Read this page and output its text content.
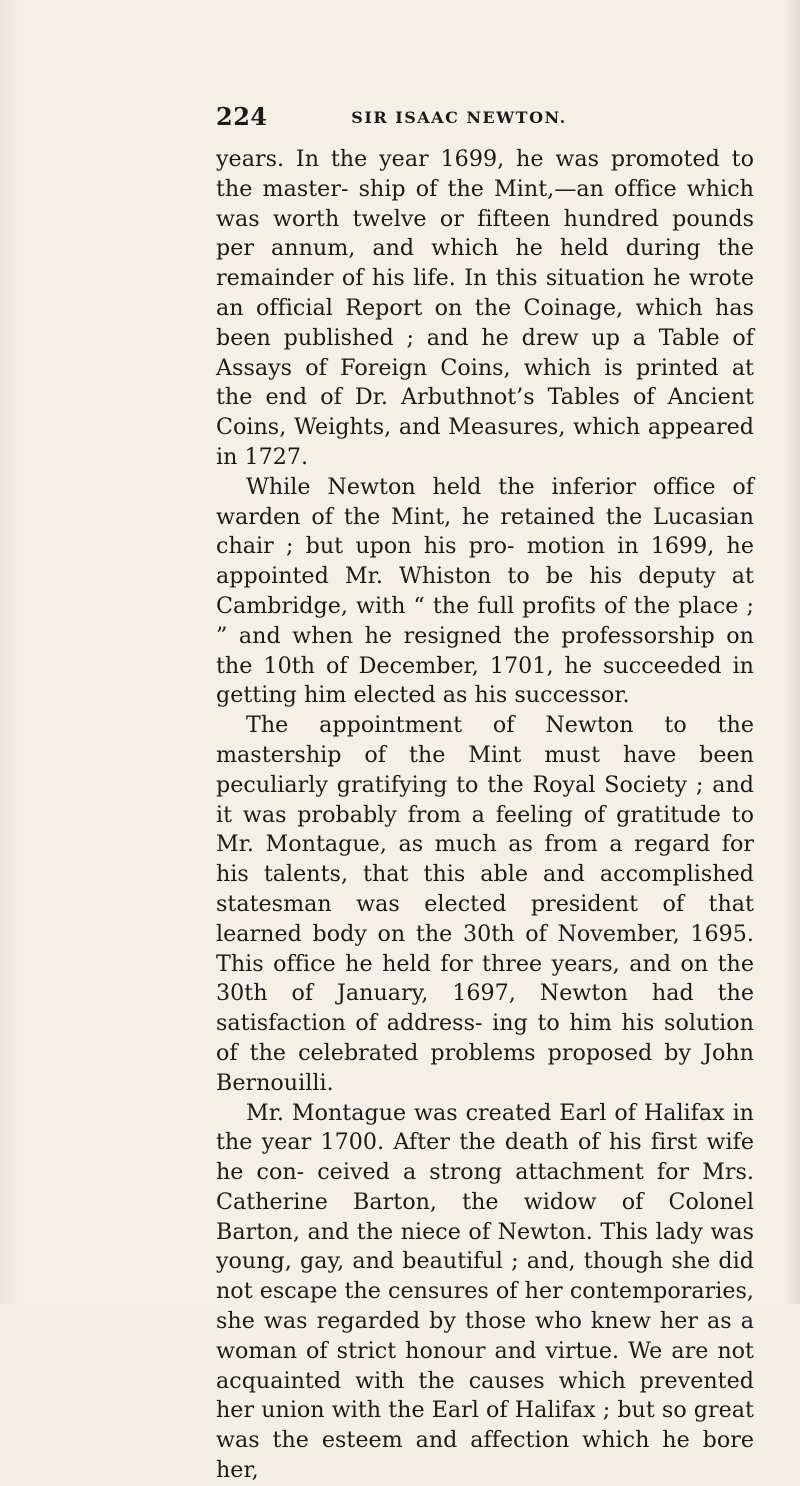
224	SIR ISAAC NEWTON.

years. In the year 1699, he was promoted to the master- ship of the Mint,—an office which was worth twelve or fifteen hundred pounds per annum, and which he held during the remainder of his life. In this situation he wrote an official Report on the Coinage, which has been published ; and he drew up a Table of Assays of Foreign Coins, which is printed at the end of Dr. Arbuthnot’s Tables of Ancient Coins, Weights, and Measures, which appeared in 1727.

While Newton held the inferior office of warden of the Mint, he retained the Lucasian chair ; but upon his pro- motion in 1699, he appointed Mr. Whiston to be his deputy at Cambridge, with “ the full profits of the place ; ” and when he resigned the professorship on the 10th of December, 1701, he succeeded in getting him elected as his successor.

The appointment of Newton to the mastership of the Mint must have been peculiarly gratifying to the Royal Society ; and it was probably from a feeling of gratitude to Mr. Montague, as much as from a regard for his talents, that this able and accomplished statesman was elected president of that learned body on the 30th of November, 1695. This office he held for three years, and on the 30th of January, 1697, Newton had the satisfaction of address- ing to him his solution of the celebrated problems proposed by John Bernouilli.

Mr. Montague was created Earl of Halifax in the year 1700. After the death of his first wife he con- ceived a strong attachment for Mrs. Catherine Barton, the widow of Colonel Barton, and the niece of Newton. This lady was young, gay, and beautiful ; and, though she did not escape the censures of her contemporaries, she was regarded by those who knew her as a woman of strict honour and virtue. We are not acquainted with the causes which prevented her union with the Earl of Halifax ; but so great was the esteem and affection which he bore her,
